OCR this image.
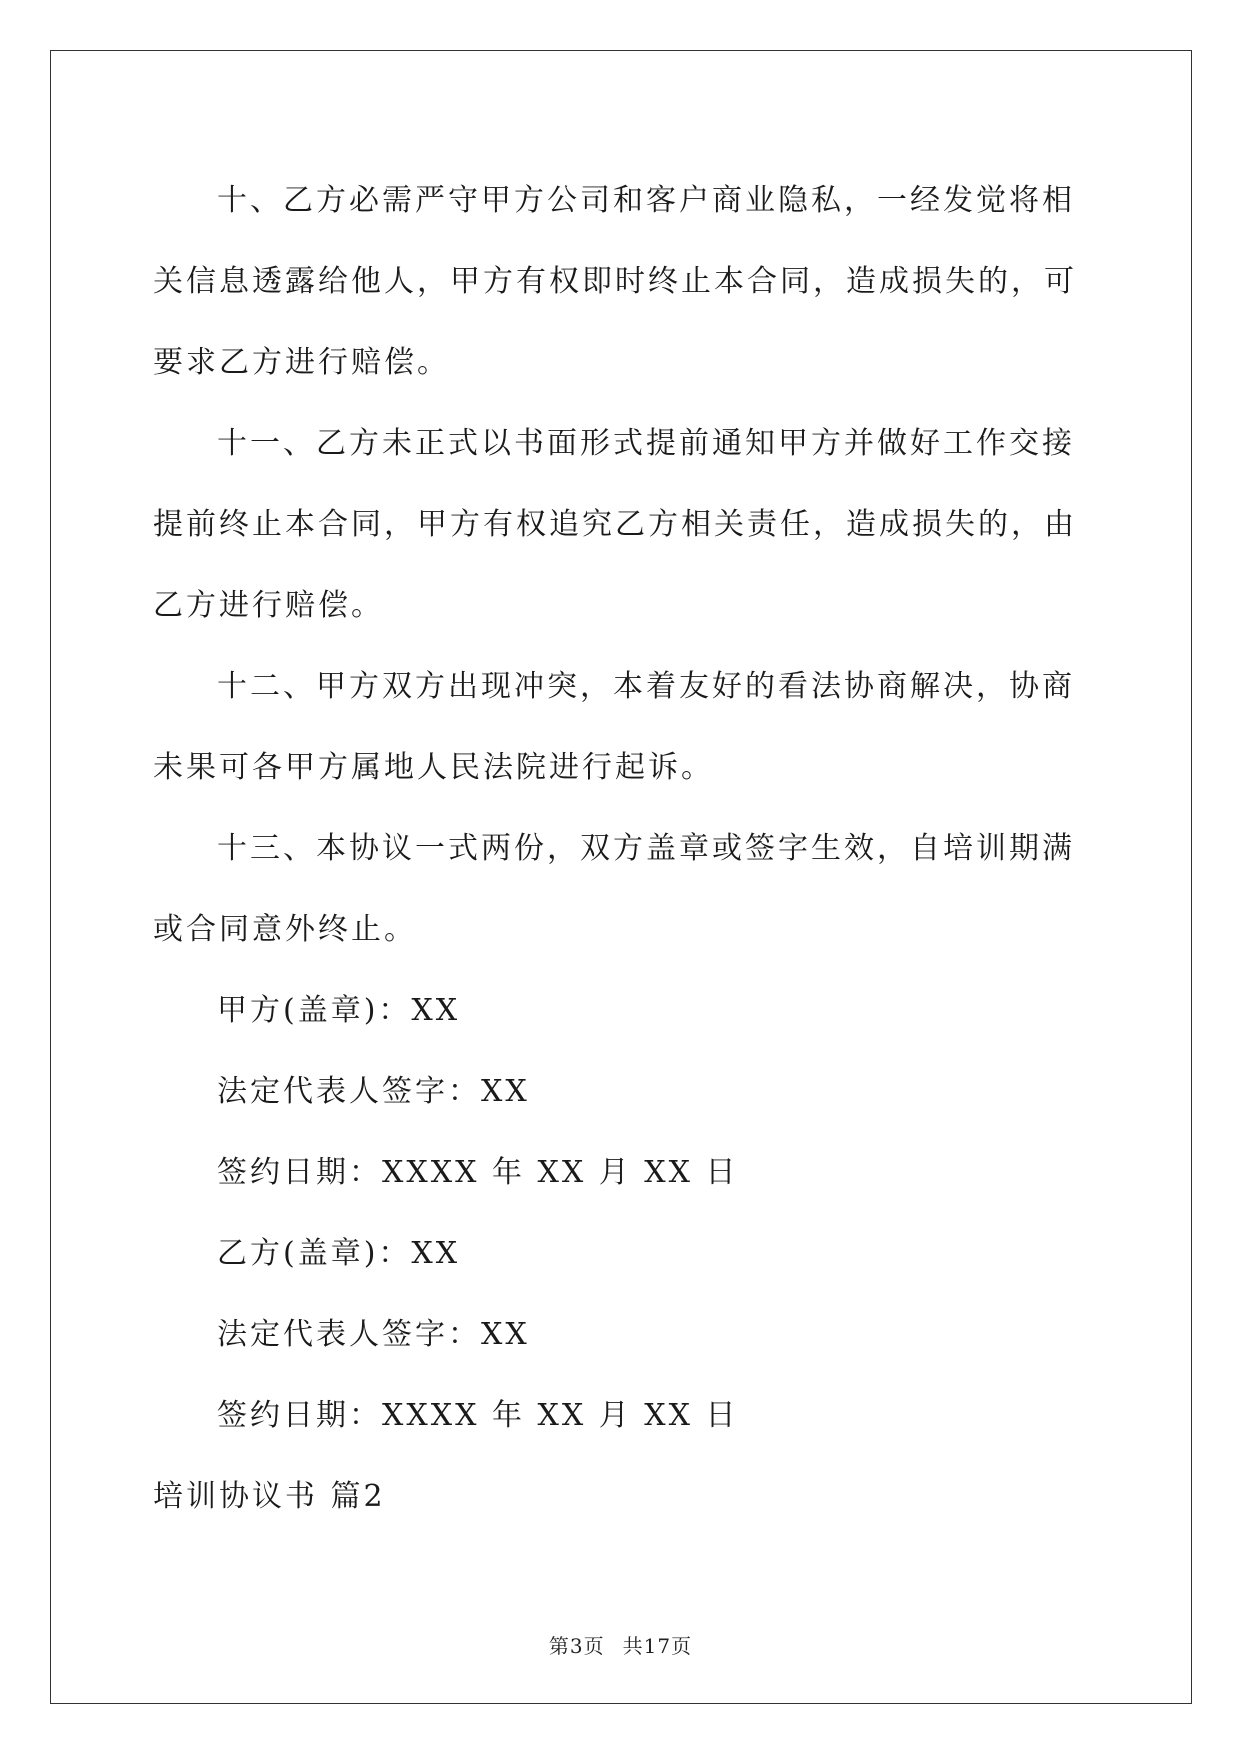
十、乙方必需严守甲方公司和客户商业隐私，一经发觉将相关信息透露给他人，甲方有权即时终止本合同，造成损失的，可要求乙方进行赔偿。

十一、乙方未正式以书面形式提前通知甲方并做好工作交接提前终止本合同，甲方有权追究乙方相关责任，造成损失的，由乙方进行赔偿。

十二、甲方双方出现冲突，本着友好的看法协商解决，协商未果可各甲方属地人民法院进行起诉。

十三、本协议一式两份，双方盖章或签字生效，自培训期满或合同意外终止。

甲方(盖章)：XX

法定代表人签字：XX

签约日期：XXXX 年 XX 月 XX 日

乙方(盖章)：XX

法定代表人签字：XX

签约日期：XXXX 年 XX 月 XX 日

培训协议书 篇2

第3页 共17页
